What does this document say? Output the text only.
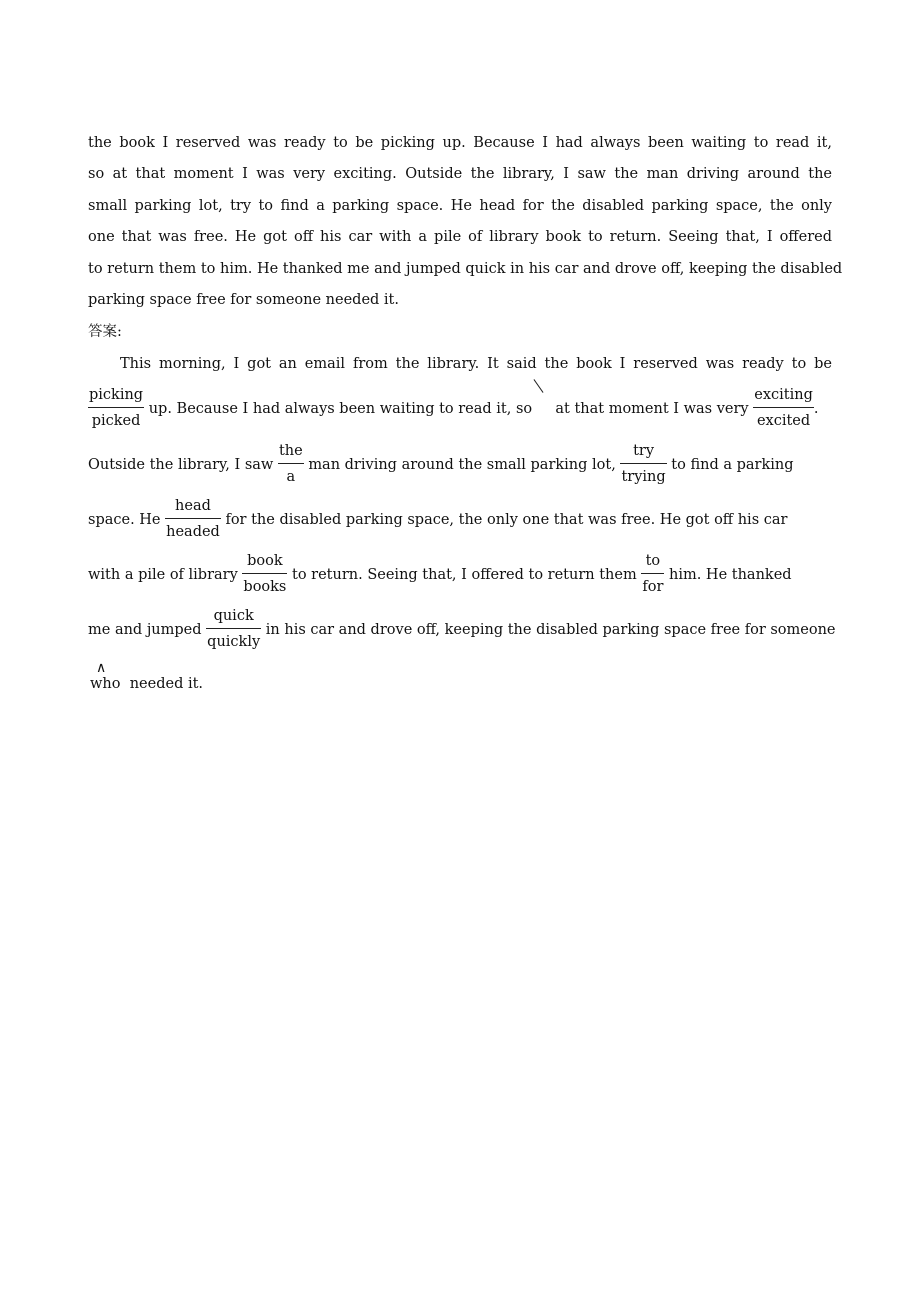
the book I reserved was ready to be picking up. Because I had always been waiting to read it,
so at that moment I was very exciting. Outside the library, I saw the man driving around the
small parking lot, try to find a parking space. He head for the disabled parking space, the only
one that was free. He got off his car with a pile of library book to return. Seeing that, I offered
to return them to him. He thanked me and jumped quick in his car and drove off, keeping the disabled
parking space free for someone needed it.
答案:
This morning, I got an email from the library. It said the book I reserved was ready to be
$\frac{\text{picking}}{\text{picked}}$ up. Because I had always been waiting to read it, so at that moment I was very $\frac{\text{exciting}}{\text{excited}}$ .
Outside the library, I saw $\frac{\text{the}}{a}$ man driving around the small parking lot, $\frac{\text{try}}{\text{trying}}$ to find a parking
space. He $\frac{\text{head}}{\text{headed}}$ for the disabled parking space, the only one that was free. He got off his car
with a pile of library $\frac{\text{book}}{\text{books}}$ to return. Seeing that, I offered to return them $\frac{to}{\text{for}}$ him. He thanked
me and jumped $\frac{\text{quick}}{\text{quickly}}$ in his car and drove off, keeping the disabled parking space free for someone
∧
who needed it.
